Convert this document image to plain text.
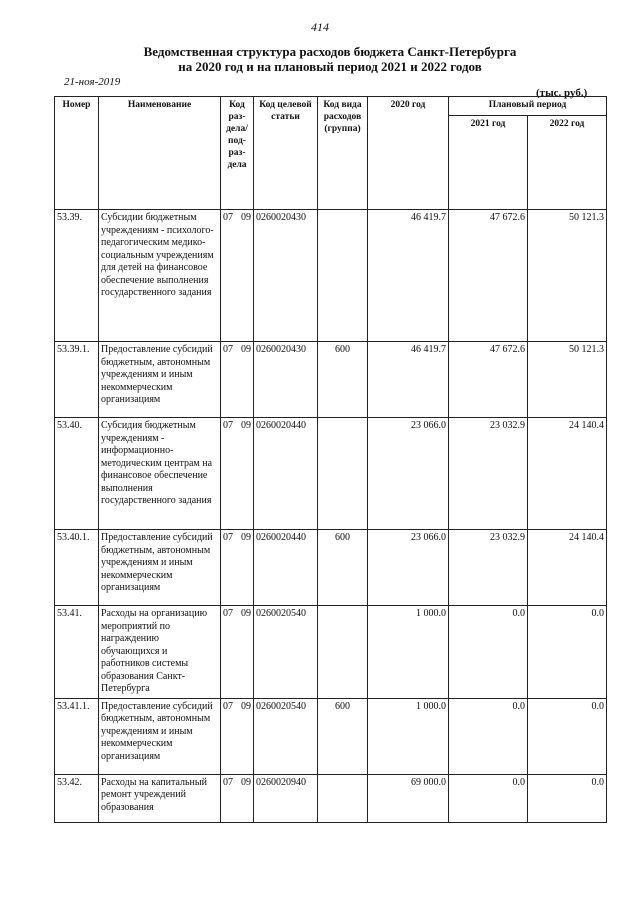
414
Ведомственная структура расходов бюджета Санкт-Петербурга
на 2020 год и на плановый период 2021 и 2022 годов
21-ноя-2019
(тыс. руб.)
Номер	Наименование	Код раз-дела/ под-раз-дела	Код целевой статьи	Код вида расходов (группа)	2020 год	Плановый период	
						2021 год	2022 год
53.39.	Субсидии бюджетным учреждениям - психолого-педагогическим медико-социальным учреждениям для детей на финансовое обеспечение выполнения государственного задания	07 09	0260020430		46 419.7	47 672.6	50 121.3
53.39.1.	Предоставление субсидий бюджетным, автономным учреждениям и иным некоммерческим организациям	07 09	0260020430	600	46 419.7	47 672.6	50 121.3
53.40.	Субсидия бюджетным учреждениям - информационно-методическим центрам на финансовое обеспечение выполнения государственного задания	07 09	0260020440		23 066.0	23 032.9	24 140.4
53.40.1.	Предоставление субсидий бюджетным, автономным учреждениям и иным некоммерческим организациям	07 09	0260020440	600	23 066.0	23 032.9	24 140.4
53.41.	Расходы на организацию мероприятий по награждению обучающихся и работников системы образования Санкт-Петербурга	07 09	0260020540		1 000.0	0.0	0.0
53.41.1.	Предоставление субсидий бюджетным, автономным учреждениям и иным некоммерческим организациям	07 09	0260020540	600	1 000.0	0.0	0.0
53.42.	Расходы на капитальный ремонт учреждений образования	07 09	0260020940		69 000.0	0.0	0.0
